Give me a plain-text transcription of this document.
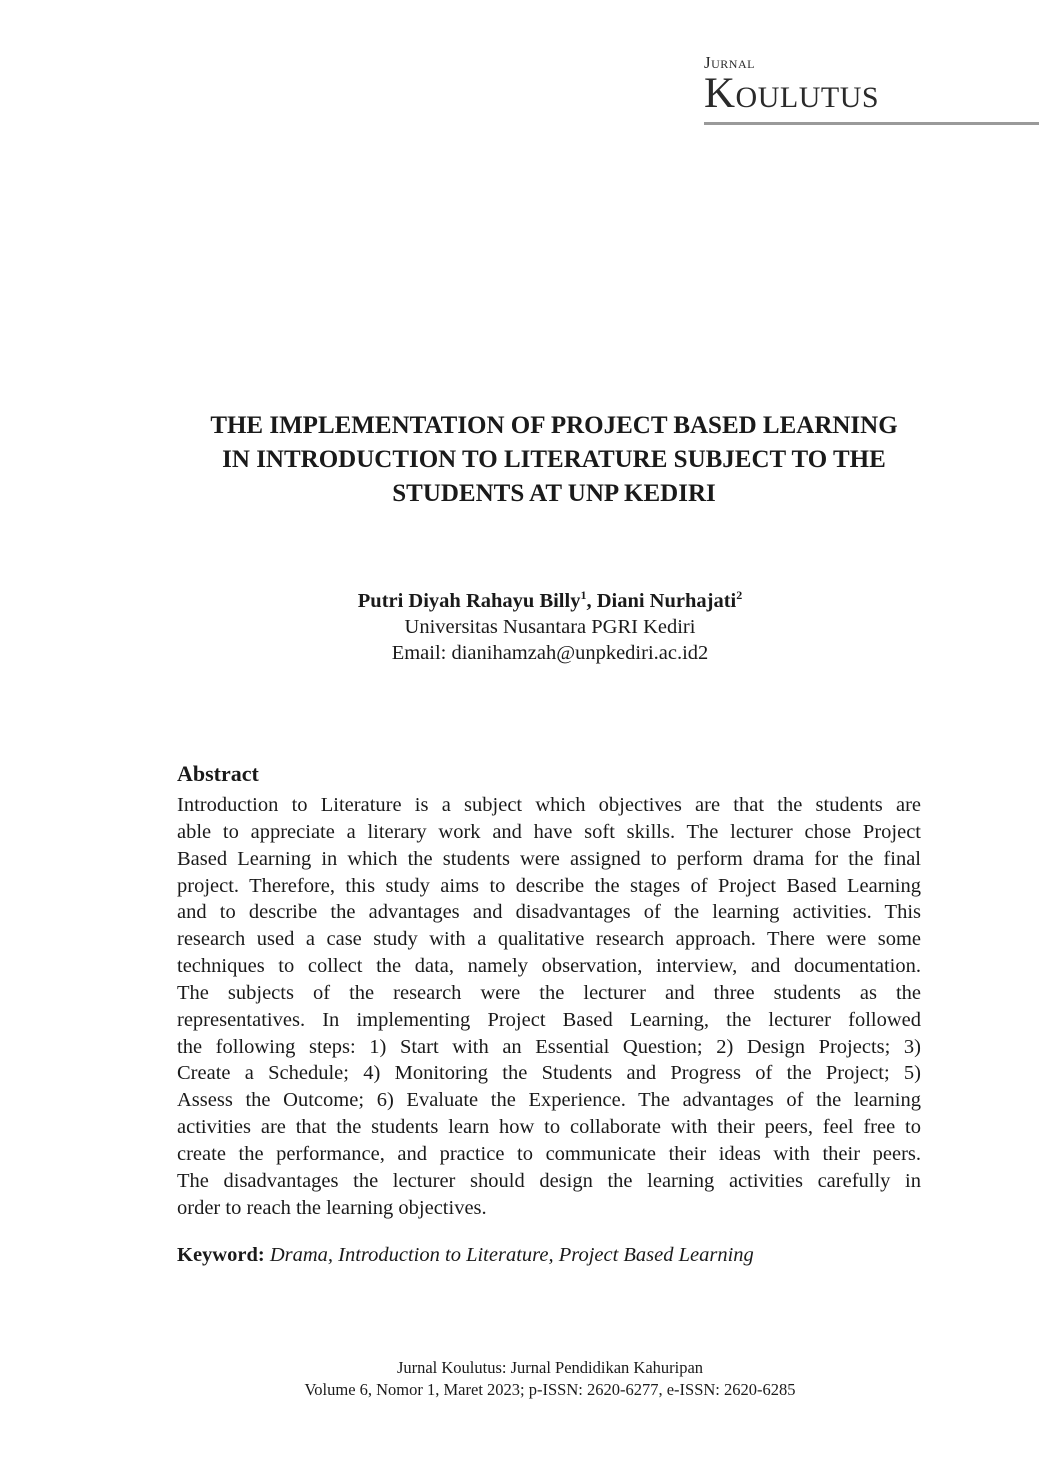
Jurnal
Koulutus
THE IMPLEMENTATION OF PROJECT BASED LEARNING
IN INTRODUCTION TO LITERATURE SUBJECT TO THE
STUDENTS AT UNP KEDIRI
Putri Diyah Rahayu Billy$^1$, Diani Nurhajati$^2$
Universitas Nusantara PGRI Kediri
Email: dianihamzah@unpkediri.ac.id2
Abstract
Introduction to Literature is a subject which objectives are that the students are
able to appreciate a literary work and have soft skills. The lecturer chose Project
Based Learning in which the students were assigned to perform drama for the final
project. Therefore, this study aims to describe the stages of Project Based Learning
and to describe the advantages and disadvantages of the learning activities. This
research used a case study with a qualitative research approach. There were some
techniques to collect the data, namely observation, interview, and documentation.
The subjects of the research were the lecturer and three students as the
representatives. In implementing Project Based Learning, the lecturer followed
the following steps: 1) Start with an Essential Question; 2) Design Projects; 3)
Create a Schedule; 4) Monitoring the Students and Progress of the Project; 5)
Assess the Outcome; 6) Evaluate the Experience. The advantages of the learning
activities are that the students learn how to collaborate with their peers, feel free to
create the performance, and practice to communicate their ideas with their peers.
The disadvantages the lecturer should design the learning activities carefully in
order to reach the learning objectives.
Keyword: Drama, Introduction to Literature, Project Based Learning
Jurnal Koulutus: Jurnal Pendidikan Kahuripan
Volume 6, Nomor 1, Maret 2023; p-ISSN: 2620-6277, e-ISSN: 2620-6285
